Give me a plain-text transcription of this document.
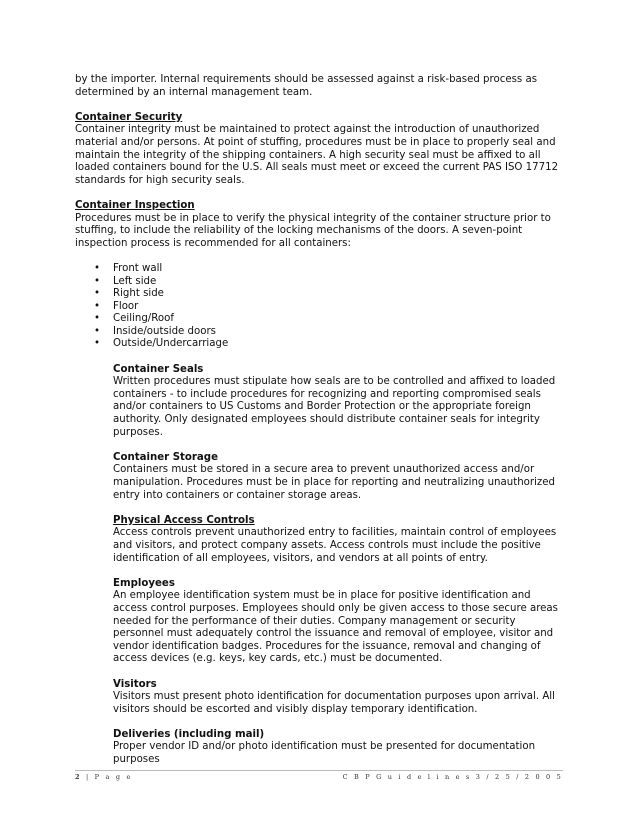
by the importer. Internal requirements should be assessed against a risk-based process as determined by an internal management team.

Container Security

Container integrity must be maintained to protect against the introduction of unauthorized material and/or persons. At point of stuffing, procedures must be in place to properly seal and maintain the integrity of the shipping containers. A high security seal must be affixed to all loaded containers bound for the U.S. All seals must meet or exceed the current PAS ISO 17712 standards for high security seals.

Container Inspection

Procedures must be in place to verify the physical integrity of the container structure prior to stuffing, to include the reliability of the locking mechanisms of the doors. A seven-point inspection process is recommended for all containers:

• Front wall
• Left side
• Right side
• Floor
• Ceiling/Roof
• Inside/outside doors
• Outside/Undercarriage

Container Seals

Written procedures must stipulate how seals are to be controlled and affixed to loaded containers - to include procedures for recognizing and reporting compromised seals and/or containers to US Customs and Border Protection or the appropriate foreign authority. Only designated employees should distribute container seals for integrity purposes.

Container Storage

Containers must be stored in a secure area to prevent unauthorized access and/or manipulation. Procedures must be in place for reporting and neutralizing unauthorized entry into containers or container storage areas.

Physical Access Controls

Access controls prevent unauthorized entry to facilities, maintain control of employees and visitors, and protect company assets. Access controls must include the positive identification of all employees, visitors, and vendors at all points of entry.

Employees

An employee identification system must be in place for positive identification and access control purposes. Employees should only be given access to those secure areas needed for the performance of their duties. Company management or security personnel must adequately control the issuance and removal of employee, visitor and vendor identification badges. Procedures for the issuance, removal and changing of access devices (e.g. keys, key cards, etc.) must be documented.

Visitors

Visitors must present photo identification for documentation purposes upon arrival. All visitors should be escorted and visibly display temporary identification.

Deliveries (including mail)

Proper vendor ID and/or photo identification must be presented for documentation purposes

2 | P a g e	C B P G u i d e l i n e s 3 / 2 5 / 2 0 0 5
